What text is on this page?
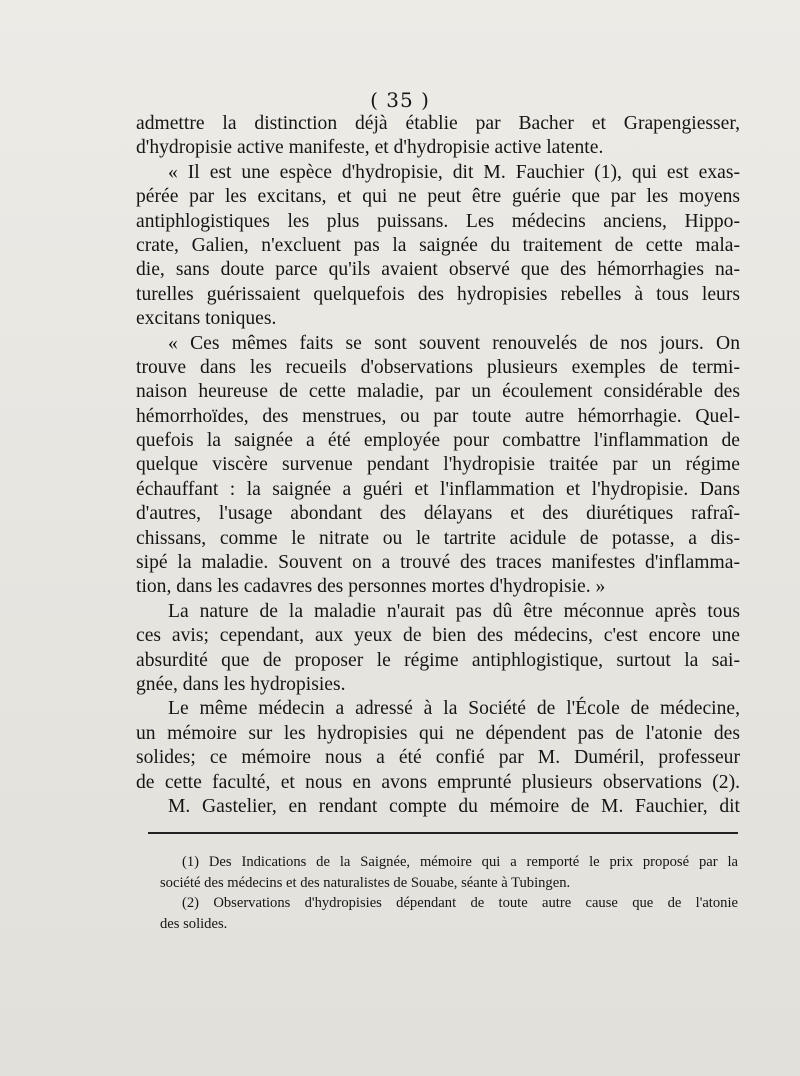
( 35 )
admettre la distinction déjà établie par Bacher et Grapengiesser,
d'hydropisie active manifeste, et d'hydropisie active latente.
« Il est une espèce d'hydropisie, dit M. Fauchier (1), qui est exas-
pérée par les excitans, et qui ne peut être guérie que par les moyens
antiphlogistiques les plus puissans. Les médecins anciens, Hippo-
crate, Galien, n'excluent pas la saignée du traitement de cette mala-
die, sans doute parce qu'ils avaient observé que des hémorrhagies na-
turelles guérissaient quelquefois des hydropisies rebelles à tous leurs
excitans toniques.
« Ces mêmes faits se sont souvent renouvelés de nos jours. On
trouve dans les recueils d'observations plusieurs exemples de termi-
naison heureuse de cette maladie, par un écoulement considérable des
hémorrhoïdes, des menstrues, ou par toute autre hémorrhagie. Quel-
quefois la saignée a été employée pour combattre l'inflammation de
quelque viscère survenue pendant l'hydropisie traitée par un régime
échauffant : la saignée a guéri et l'inflammation et l'hydropisie. Dans
d'autres, l'usage abondant des délayans et des diurétiques rafraî-
chissans, comme le nitrate ou le tartrite acidule de potasse, a dis-
sipé la maladie. Souvent on a trouvé des traces manifestes d'inflamma-
tion, dans les cadavres des personnes mortes d'hydropisie. »
La nature de la maladie n'aurait pas dû être méconnue après tous
ces avis; cependant, aux yeux de bien des médecins, c'est encore une
absurdité que de proposer le régime antiphlogistique, surtout la sai-
gnée, dans les hydropisies.
Le même médecin a adressé à la Société de l'École de médecine,
un mémoire sur les hydropisies qui ne dépendent pas de l'atonie des
solides; ce mémoire nous a été confié par M. Duméril, professeur
de cette faculté, et nous en avons emprunté plusieurs observations (2).
M. Gastelier, en rendant compte du mémoire de M. Fauchier, dit
(1) Des Indications de la Saignée, mémoire qui a remporté le prix proposé par la
société des médecins et des naturalistes de Souabe, séante à Tubingen.
(2) Observations d'hydropisies dépendant de toute autre cause que de l'atonie
des solides.
